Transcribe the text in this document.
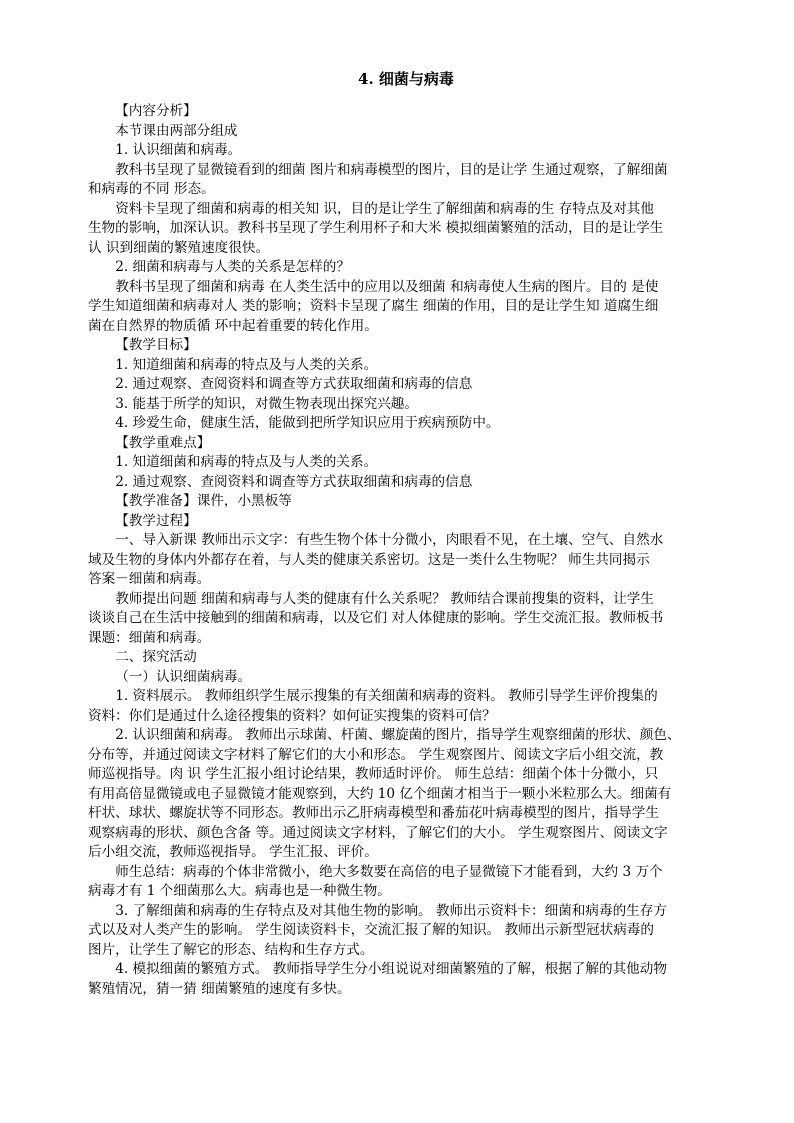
4. 细菌与病毒
【内容分析】
本节课由两部分组成
1. 认识细菌和病毒。
教科书呈现了显微镜看到的细菌 图片和病毒模型的图片，目的是让学 生通过观察，了解细菌
和病毒的不同 形态。
资料卡呈现了细菌和病毒的相关知 识，目的是让学生了解细菌和病毒的生 存特点及对其他
生物的影响，加深认识。教科书呈现了学生利用杯子和大米 模拟细菌繁殖的活动，目的是让学生
认 识到细菌的繁殖速度很快。
2. 细菌和病毒与人类的关系是怎样的？
教科书呈现了细菌和病毒 在人类生活中的应用以及细菌 和病毒使人生病的图片。目的 是使
学生知道细菌和病毒对人 类的影响；资料卡呈现了腐生 细菌的作用，目的是让学生知 道腐生细
菌在自然界的物质循 环中起着重要的转化作用。
【教学目标】
1. 知道细菌和病毒的特点及与人类的关系。
2. 通过观察、查阅资料和调查等方式获取细菌和病毒的信息
3. 能基于所学的知识，对微生物表现出探究兴趣。
4. 珍爱生命，健康生活，能做到把所学知识应用于疾病预防中。
【教学重难点】
1. 知道细菌和病毒的特点及与人类的关系。
2. 通过观察、查阅资料和调查等方式获取细菌和病毒的信息
【教学准备】课件，小黑板等
【教学过程】
一、导入新课 教师出示文字：有些生物个体十分微小，肉眼看不见，在土壤、空气、自然水
域及生物的身体内外都存在着，与人类的健康关系密切。这是一类什么生物呢？ 师生共同揭示
答案－细菌和病毒。
教师提出问题 细菌和病毒与人类的健康有什么关系呢？ 教师结合课前搜集的资料，让学生
谈谈自己在生活中接触到的细菌和病毒，以及它们 对人体健康的影响。学生交流汇报。教师板书
课题：细菌和病毒。
二、探究活动
（一）认识细菌病毒。
1. 资料展示。 教师组织学生展示搜集的有关细菌和病毒的资料。 教师引导学生评价搜集的
资料：你们是通过什么途径搜集的资料？如何证实搜集的资料可信？
2. 认识细菌和病毒。 教师出示球菌、杆菌、螺旋菌的图片，指导学生观察细菌的形状、颜色、
分布等，并通过阅读文字材料了解它们的大小和形态。 学生观察图片、阅读文字后小组交流，教
师巡视指导。肉 识 学生汇报小组讨论结果，教师适时评价。 师生总结：细菌个体十分微小，只
有用高倍显微镜或电子显微镜才能观察到，大约 10 亿个细菌才相当于一颗小米粒那么大。细菌有
杆状、球状、螺旋状等不同形态。教师出示乙肝病毒模型和番茄花叶病毒模型的图片，指导学生
观察病毒的形状、颜色含备 等。通过阅读文字材料，了解它们的大小。 学生观察图片、阅读文字
后小组交流，教师巡视指导。 学生汇报、评价。
师生总结：病毒的个体非常微小，绝大多数要在高倍的电子显微镜下才能看到，大约 3 万个
病毒才有 1 个细菌那么大。病毒也是一种微生物。
3. 了解细菌和病毒的生存特点及对其他生物的影响。 教师出示资料卡：细菌和病毒的生存方
式以及对人类产生的影响。 学生阅读资料卡，交流汇报了解的知识。 教师出示新型冠状病毒的
图片，让学生了解它的形态、结构和生存方式。
4. 模拟细菌的繁殖方式。 教师指导学生分小组说说对细菌繁殖的了解，根据了解的其他动物
繁殖情况，猜一猜 细菌繁殖的速度有多快。
